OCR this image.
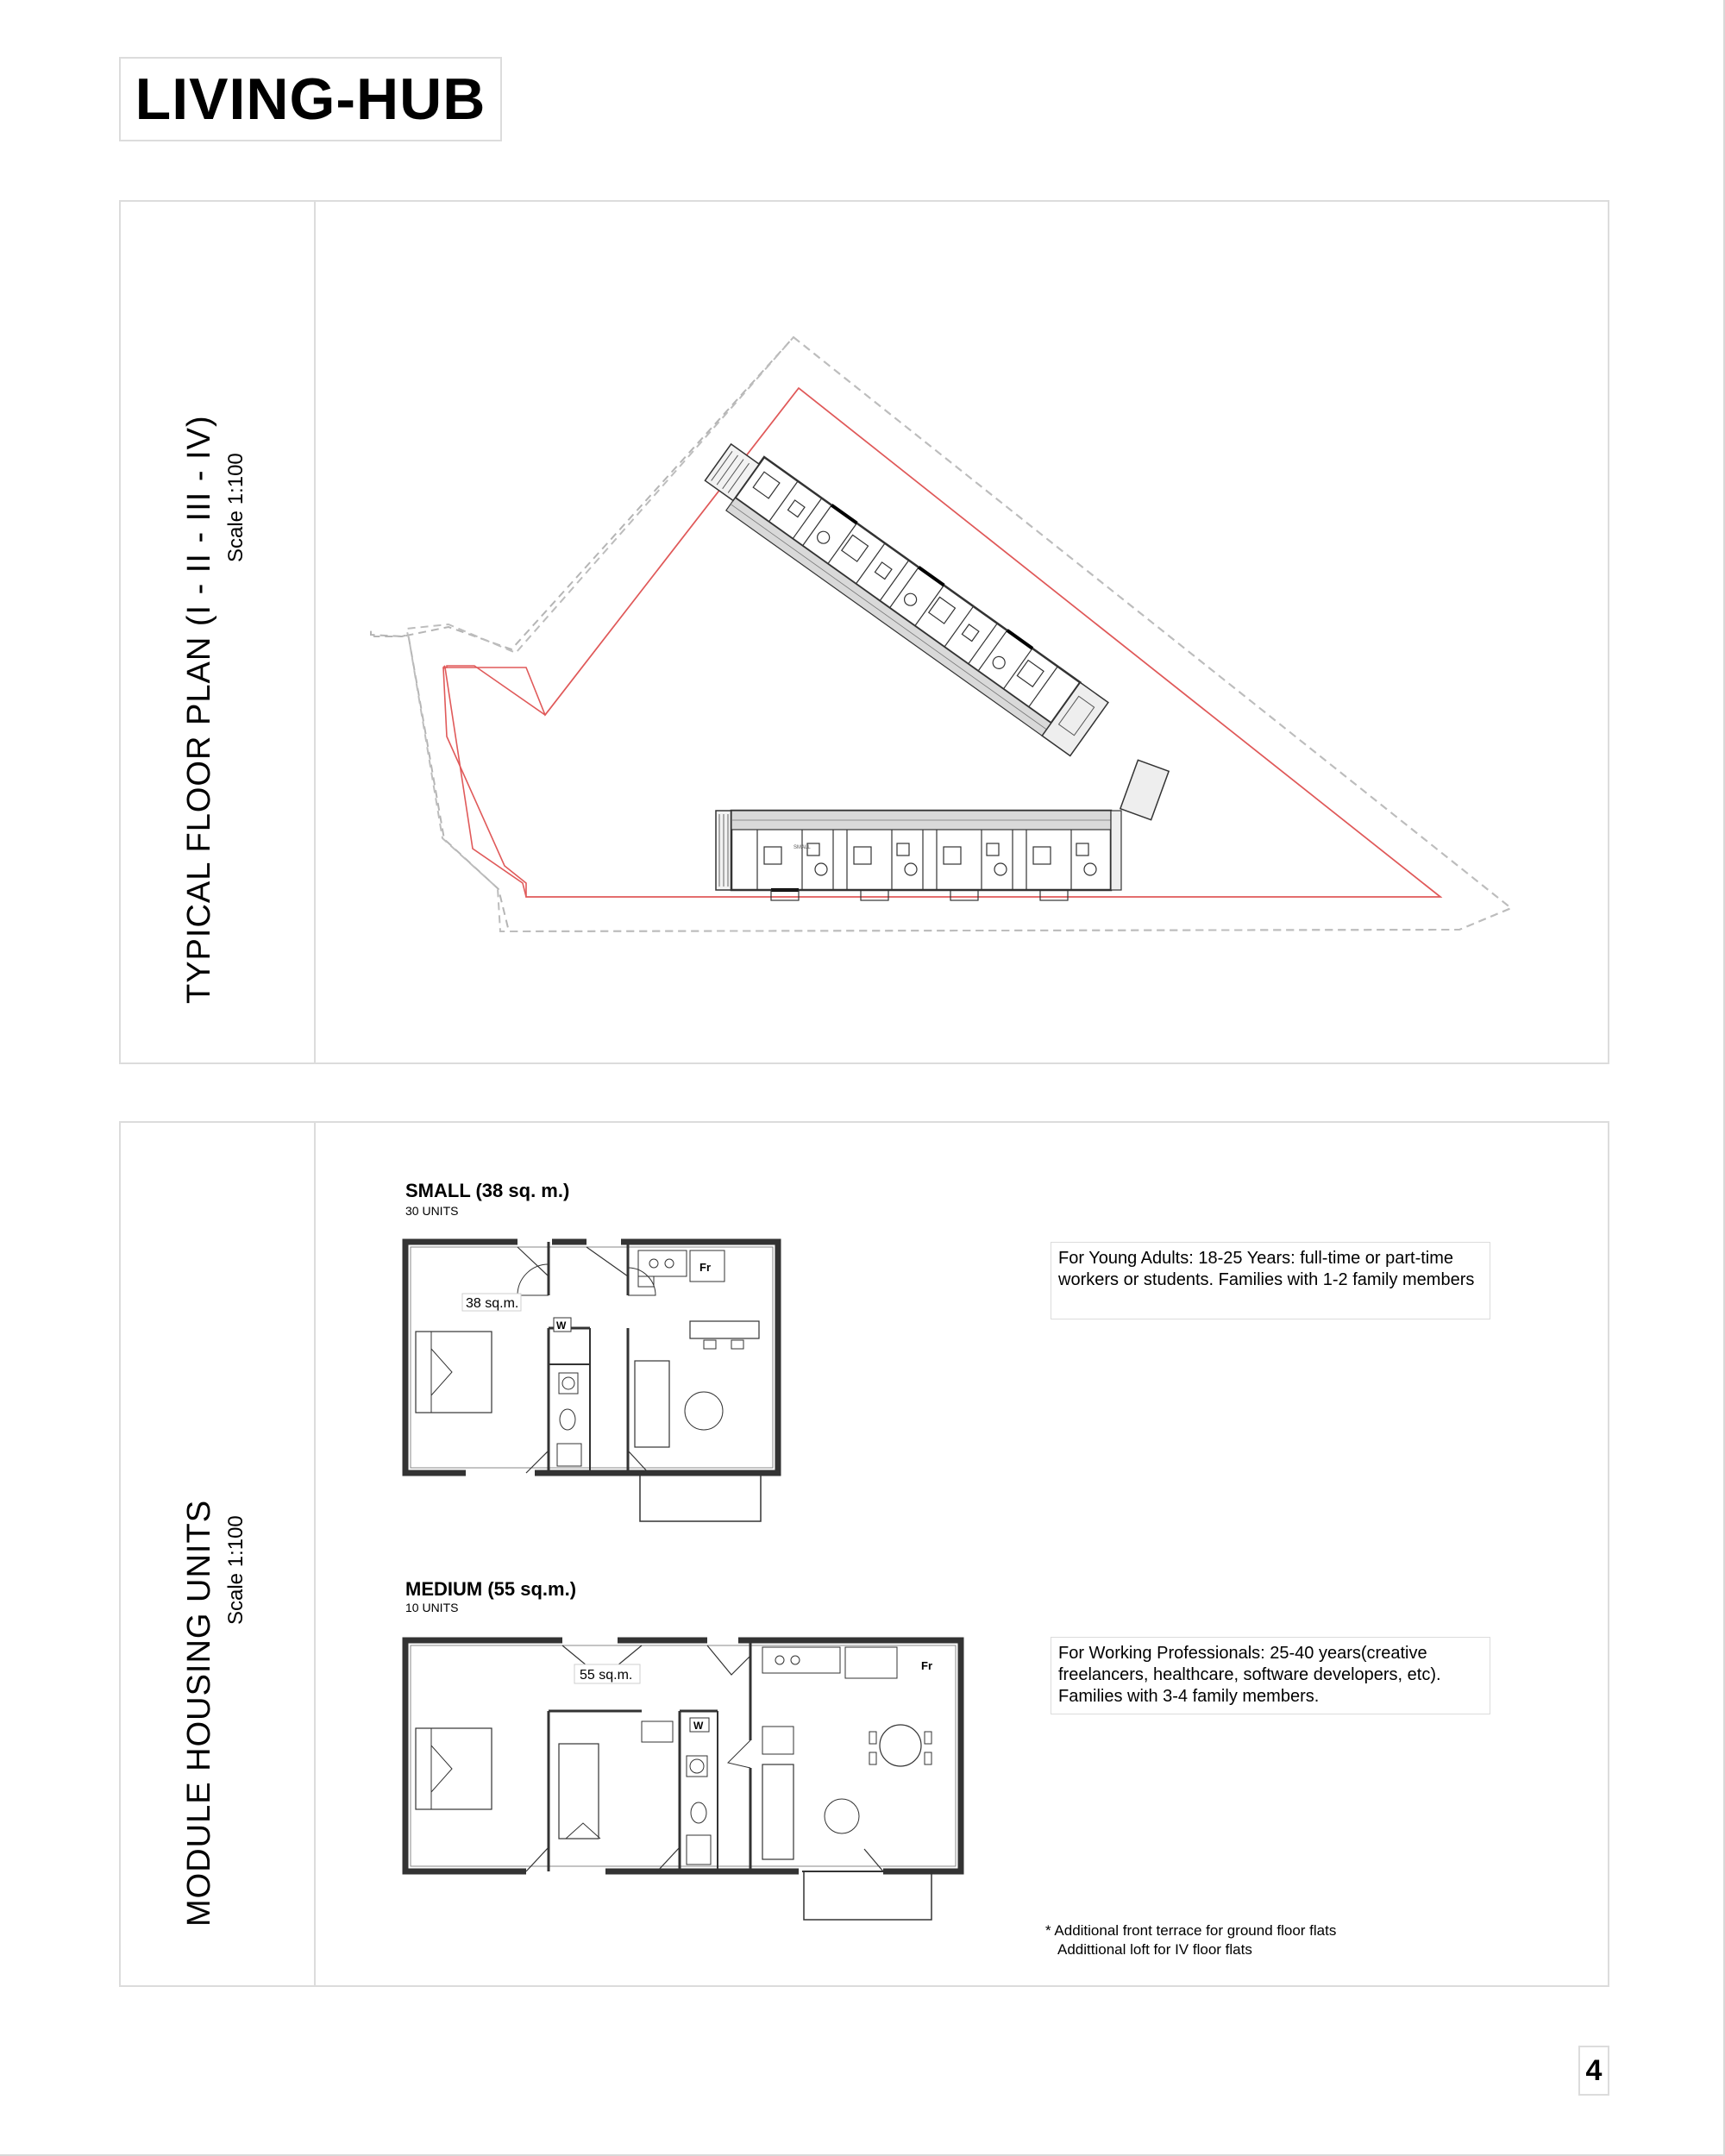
LIVING-HUB
TYPICAL FLOOR PLAN (I - II - III - IV) Scale 1:100
SMALL
MODULE HOUSING UNITS Scale 1:100
SMALL (38 sq. m.)
30 UNITS
38 sq.m.
Fr
W
For Young Adults: 18-25 Years: full-time or part-time workers or students. Families with 1-2 family members
MEDIUM (55 sq.m.)
10 UNITS
55 sq.m.
Fr
W
For Working Professionals: 25-40 years(creative freelancers, healthcare, software developers, etc). Families with 3-4 family members.
* Additional front terrace for ground floor flats
Addittional loft for IV floor flats
4
